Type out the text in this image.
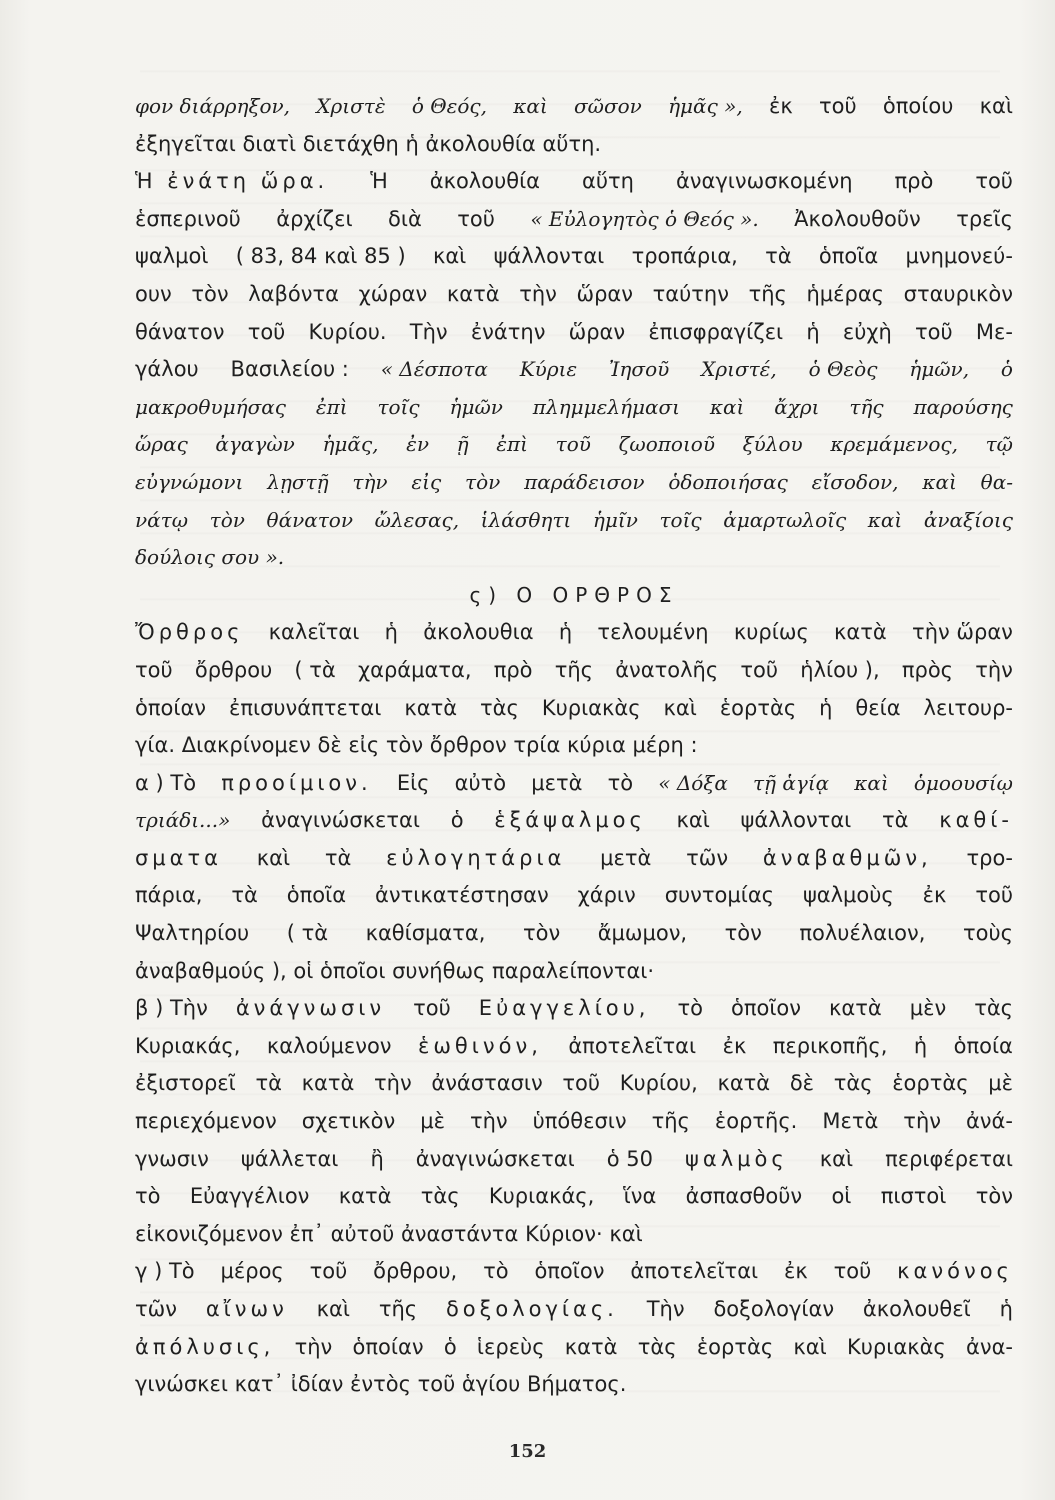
φον διάρρηξον, Χριστὲ ὁ Θεός, καὶ σῶσον ἡμᾶς », ἐκ τοῦ ὁποίου καὶ
ἐξηγεῖται διατὶ διετάχθη ἡ ἀκολουθία αὕτη.
Ἡ ἐνάτη ὥρα. Ἡ ἀκολουθία αὕτη ἀναγινωσκομένη πρὸ τοῦ
ἑσπερινοῦ ἀρχίζει διὰ τοῦ « Εὐλογητὸς ὁ Θεός ». Ἀκολουθοῦν τρεῖς
ψαλμοὶ ( 83, 84 καὶ 85 ) καὶ ψάλλονται τροπάρια, τὰ ὁποῖα μνημονεύ-
ουν τὸν λαβόντα χώραν κατὰ τὴν ὥραν ταύτην τῆς ἡμέρας σταυρικὸν
θάνατον τοῦ Κυρίου. Τὴν ἐνάτην ὥραν ἐπισφραγίζει ἡ εὐχὴ τοῦ Με-
γάλου Βασιλείου : « Δέσποτα Κύριε Ἰησοῦ Χριστέ, ὁ Θεὸς ἡμῶν, ὁ
μακροθυμήσας ἐπὶ τοῖς ἡμῶν πλημμελήμασι καὶ ἄχρι τῆς παρούσης
ὥρας ἀγαγὼν ἡμᾶς, ἐν ῇ ἐπὶ τοῦ ζωοποιοῦ ξύλου κρεμάμενος, τῷ
εὐγνώμονι λῃστῇ τὴν εἰς τὸν παράδεισον ὁδοποιήσας εἴσοδον, καὶ θα-
νάτῳ τὸν θάνατον ὤλεσας, ἱλάσθητι ἡμῖν τοῖς ἁμαρτωλοῖς καὶ ἀναξίοις
δούλοις σου ».
ς) Ο ΟΡΘΡΟΣ
Ὄρθρος καλεῖται ἡ ἀκολουθια ἡ τελουμένη κυρίως κατὰ τὴν ὥραν
τοῦ ὄρθρου ( τὰ χαράματα, πρὸ τῆς ἀνατολῆς τοῦ ἡλίου ), πρὸς τὴν
ὁποίαν ἐπισυνάπτεται κατὰ τὰς Κυριακὰς καὶ ἑορτὰς ἡ θεία λειτουρ-
γία. Διακρίνομεν δὲ εἰς τὸν ὄρθρον τρία κύρια μέρη :
α ) Τὸ προοίμιον. Εἰς αὐτὸ μετὰ τὸ « Δόξα τῇ ἁγίᾳ καὶ ὁμοουσίῳ
τριάδι...» ἀναγινώσκεται ὁ ἑξάψαλμος καὶ ψάλλονται τὰ καθί-
σματα καὶ τὰ εὐλογητάρια μετὰ τῶν ἀναβαθμῶν, τρο-
πάρια, τὰ ὁποῖα ἀντικατέστησαν χάριν συντομίας ψαλμοὺς ἐκ τοῦ
Ψαλτηρίου ( τὰ καθίσματα, τὸν ἄμωμον, τὸν πολυέλαιον, τοὺς
ἀναβαθμούς ), οἱ ὁποῖοι συνήθως παραλείπονται·
β ) Τὴν ἀνάγνωσιν τοῦ Εὐαγγελίου, τὸ ὁποῖον κατὰ μὲν τὰς
Κυριακάς, καλούμενον ἑωθινόν, ἀποτελεῖται ἐκ περικοπῆς, ἡ ὁποία
ἐξιστορεῖ τὰ κατὰ τὴν ἀνάστασιν τοῦ Κυρίου, κατὰ δὲ τὰς ἑορτὰς μὲ
περιεχόμενον σχετικὸν μὲ τὴν ὑπόθεσιν τῆς ἑορτῆς. Μετὰ τὴν ἀνά-
γνωσιν ψάλλεται ἢ ἀναγινώσκεται ὁ 50 ψαλμὸς καὶ περιφέρεται
τὸ Εὐαγγέλιον κατὰ τὰς Κυριακάς, ἵνα ἀσπασθοῦν οἱ πιστοὶ τὸν
εἰκονιζόμενον ἐπ᾽ αὐτοῦ ἀναστάντα Κύριον· καὶ
γ ) Τὸ μέρος τοῦ ὄρθρου, τὸ ὁποῖον ἀποτελεῖται ἐκ τοῦ κανόνος
τῶν αἴνων καὶ τῆς δοξολογίας. Τὴν δοξολογίαν ἀκολουθεῖ ἡ
ἀπόλυσις, τὴν ὁποίαν ὁ ἱερεὺς κατὰ τὰς ἑορτὰς καὶ Κυριακὰς ἀνα-
γινώσκει κατ᾽ ἰδίαν ἐντὸς τοῦ ἁγίου Βήματος.
152
